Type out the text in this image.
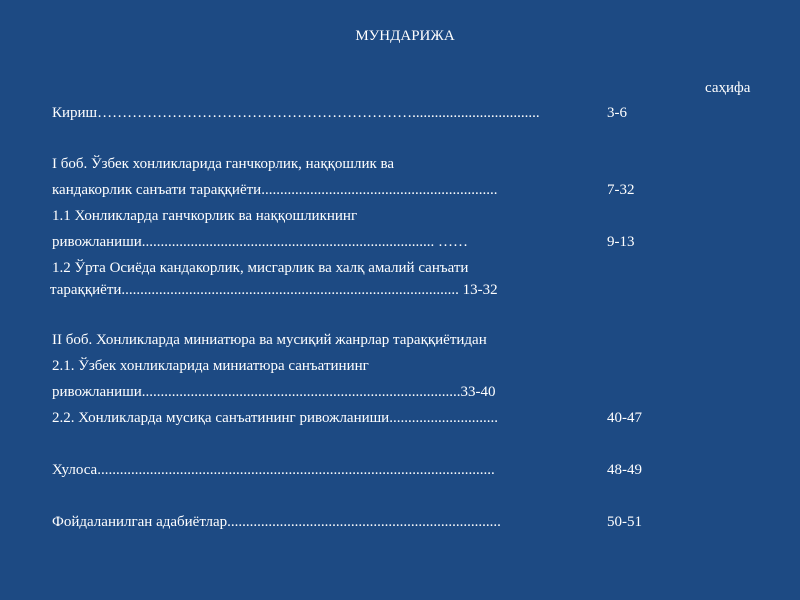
МУНДАРИЖА
саҳифа
Кириш………………………………………………………..................................	3-6
I боб. Ўзбек хонликларида ганчкорлик, наққошлик ва
кандакорлик санъати тараққиёти...............................................................	7-32
1.1 Хонликларда ганчкорлик ва наққошликнинг
ривожланиши.............................................................................. ……	9-13
1.2 Ўрта Осиёда кандакорлик, мисгарлик ва халқ амалий санъати
тараққиёти.......................................................................................... 13-32
II боб. Хонликларда миниатюра ва мусиқий жанрлар тараққиётидан
2.1. Ўзбек хонликларида миниатюра санъатининг
ривожланиши.....................................................................................33-40
2.2. Хонликларда мусиқа санъатининг ривожланиши.............................	40-47
Хулоса..........................................................................................................	48-49
Фойдаланилган адабиётлар.........................................................................	50-51
